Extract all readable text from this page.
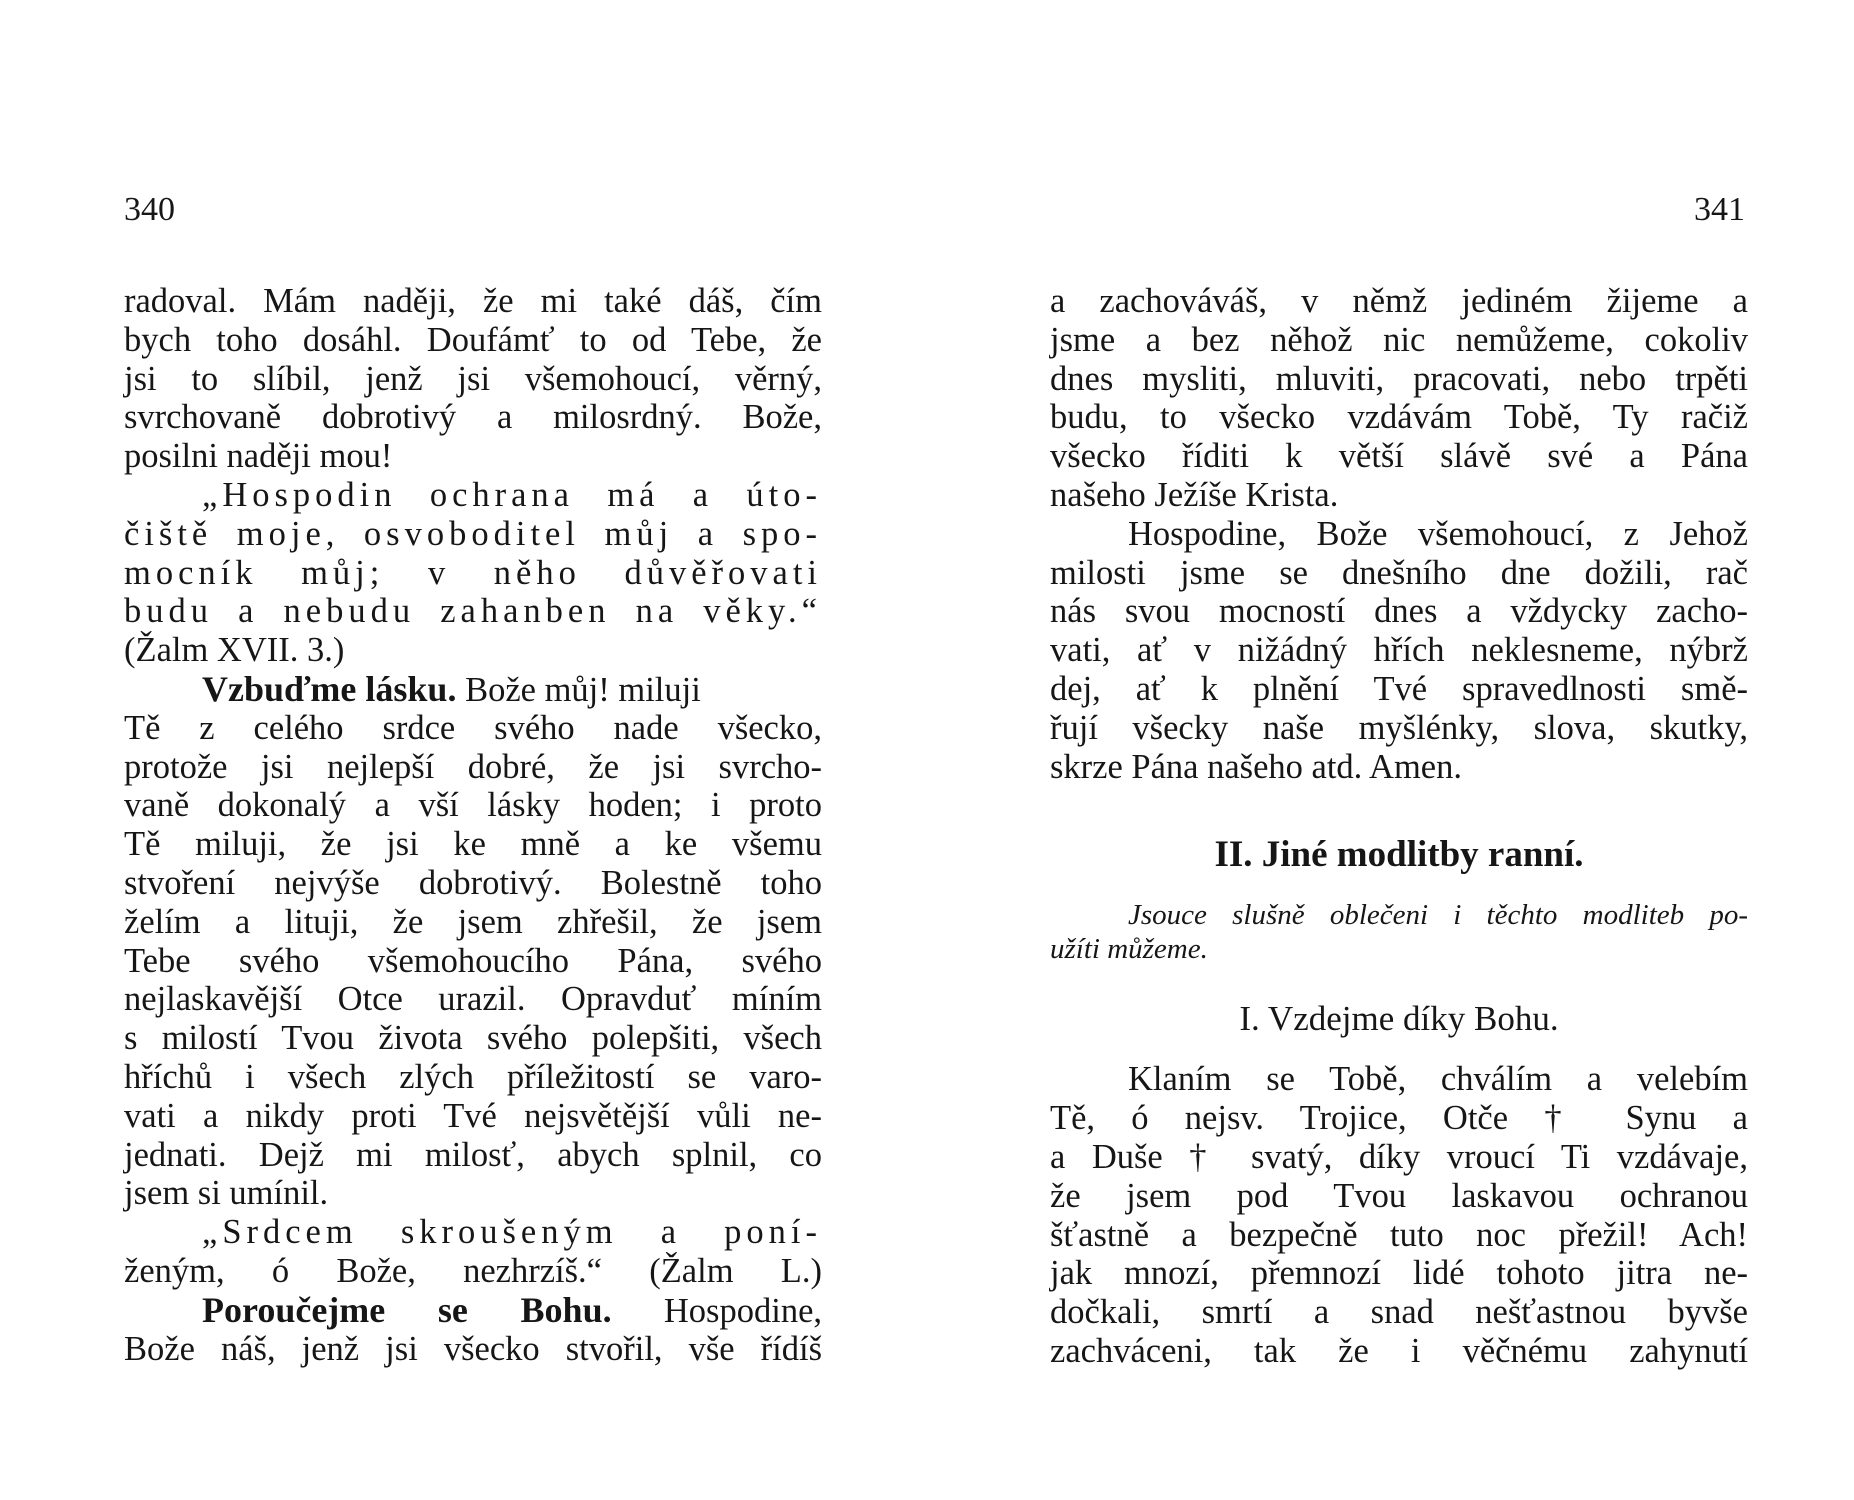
340	341
radoval. Mám naději, že mi také dáš, čím
bych toho dosáhl. Doufámť to od Tebe, že
jsi to slíbil, jenž jsi všemohoucí, věrný,
svrchovaně dobrotivý a milosrdný. Bože,
posilni naději mou!
„Hospodin ochrana má a úto-
čiště moje, osvoboditel můj a spo-
mocník můj; v něho důvěřovati
budu a nebudu zahanben na věky.“
(Žalm XVII. 3.)
Vzbuďme lásku. Bože můj! miluji
Tě z celého srdce svého nade všecko,
protože jsi nejlepší dobré, že jsi svrcho-
vaně dokonalý a vší lásky hoden; i proto
Tě miluji, že jsi ke mně a ke všemu
stvoření nejvýše dobrotivý. Bolestně toho
želím a lituji, že jsem zhřešil, že jsem
Tebe svého všemohoucího Pána, svého
nejlaskavější Otce urazil. Opravduť míním
s milostí Tvou života svého polepšiti, všech
hříchů i všech zlých příležitostí se varo-
vati a nikdy proti Tvé nejsvětější vůli ne-
jednati. Dejž mi milosť, abych splnil, co
jsem si umínil.
„Srdcem skroušeným a poní-
ženým, ó Bože, nezhrzíš.“ (Žalm L.)
Poroučejme se Bohu. Hospodine,
Bože náš, jenž jsi všecko stvořil, vše řídíš
a zachováváš, v němž jediném žijeme a
jsme a bez něhož nic nemůžeme, cokoliv
dnes mysliti, mluviti, pracovati, nebo trpěti
budu, to všecko vzdávám Tobě, Ty račiž
všecko říditi k větší slávě své a Pána
našeho Ježíše Krista.
Hospodine, Bože všemohoucí, z Jehož
milosti jsme se dnešního dne dožili, rač
nás svou mocností dnes a vždycky zacho-
vati, ať v nižádný hřích neklesneme, nýbrž
dej, ať k plnění Tvé spravedlnosti smě-
řují všecky naše myšlénky, slova, skutky,
skrze Pána našeho atd. Amen.
II. Jiné modlitby ranní.
Jsouce slušně oblečeni i těchto modliteb po-
užíti můžeme.
I. Vzdejme díky Bohu.
Klaním se Tobě, chválím a velebím
Tě, ó nejsv. Trojice, Otče † Synu a
a Duše † svatý, díky vroucí Ti vzdávaje,
že jsem pod Tvou laskavou ochranou
šťastně a bezpečně tuto noc přežil! Ach!
jak mnozí, přemnozí lidé tohoto jitra ne-
dočkali, smrtí a snad nešťastnou byvše
zachváceni, tak že i věčnému zahynutí
